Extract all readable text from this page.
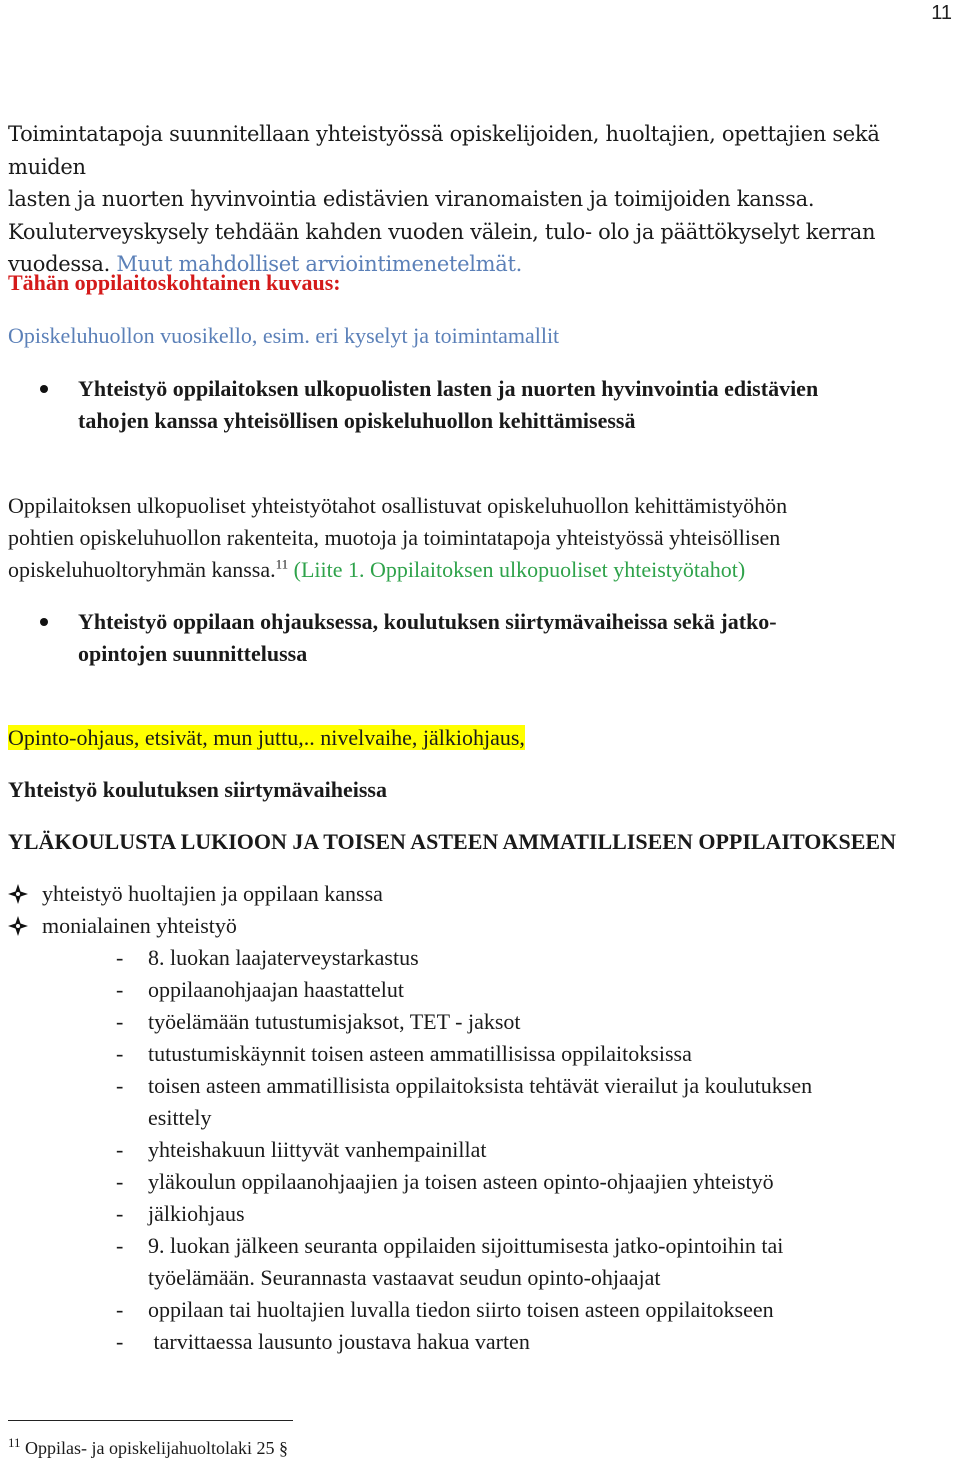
11
Toimintatapoja suunnitellaan yhteistyössä opiskelijoiden, huoltajien, opettajien sekä muiden
lasten ja nuorten hyvinvointia edistävien viranomaisten ja toimijoiden kanssa.
Kouluterveyskysely tehdään kahden vuoden välein, tulo- olo ja päättökyselyt kerran
vuodessa. Muut mahdolliset arviointimenetelmät.
Tähän oppilaitoskohtainen kuvaus:
Opiskeluhuollon vuosikello, esim. eri kyselyt ja toimintamallit
Yhteistyö oppilaitoksen ulkopuolisten lasten ja nuorten hyvinvointia edistävien
tahojen kanssa yhteisöllisen opiskeluhuollon kehittämisessä
Oppilaitoksen ulkopuoliset yhteistyötahot osallistuvat opiskeluhuollon kehittämistyöhön
pohtien opiskeluhuollon rakenteita, muotoja ja toimintatapoja yhteistyössä yhteisöllisen
opiskeluhuoltoryhmän kanssa.$^{11}$ (Liite 1. Oppilaitoksen ulkopuoliset yhteistyötahot)
Yhteistyö oppilaan ohjauksessa, koulutuksen siirtymävaiheissa sekä jatko-
opintojen suunnittelussa
Opinto-ohjaus, etsivät, mun juttu,.. nivelvaihe, jälkiohjaus,
Yhteistyö koulutuksen siirtymävaiheissa
YLÄKOULUSTA LUKIOON JA TOISEN ASTEEN AMMATILLISEEN OPPILAITOKSEEN
yhteistyö huoltajien ja oppilaan kanssa
monialainen yhteistyö
- 8. luokan laajaterveystarkastus
- oppilaanohjaajan haastattelut
- työelämään tutustumisjaksot, TET - jaksot
- tutustumiskäynnit toisen asteen ammatillisissa oppilaitoksissa
- toisen asteen ammatillisista oppilaitoksista tehtävät vierailut ja koulutuksen
esittely
- yhteishakuun liittyvät vanhempainillat
- yläkoulun oppilaanohjaajien ja toisen asteen opinto-ohjaajien yhteistyö
- jälkiohjaus
- 9. luokan jälkeen seuranta oppilaiden sijoittumisesta jatko-opintoihin tai
työelämään. Seurannasta vastaavat seudun opinto-ohjaajat
- oppilaan tai huoltajien luvalla tiedon siirto toisen asteen oppilaitokseen
- tarvittaessa lausunto joustava hakua varten
$^{11}$ Oppilas- ja opiskelijahuoltolaki 25 §
